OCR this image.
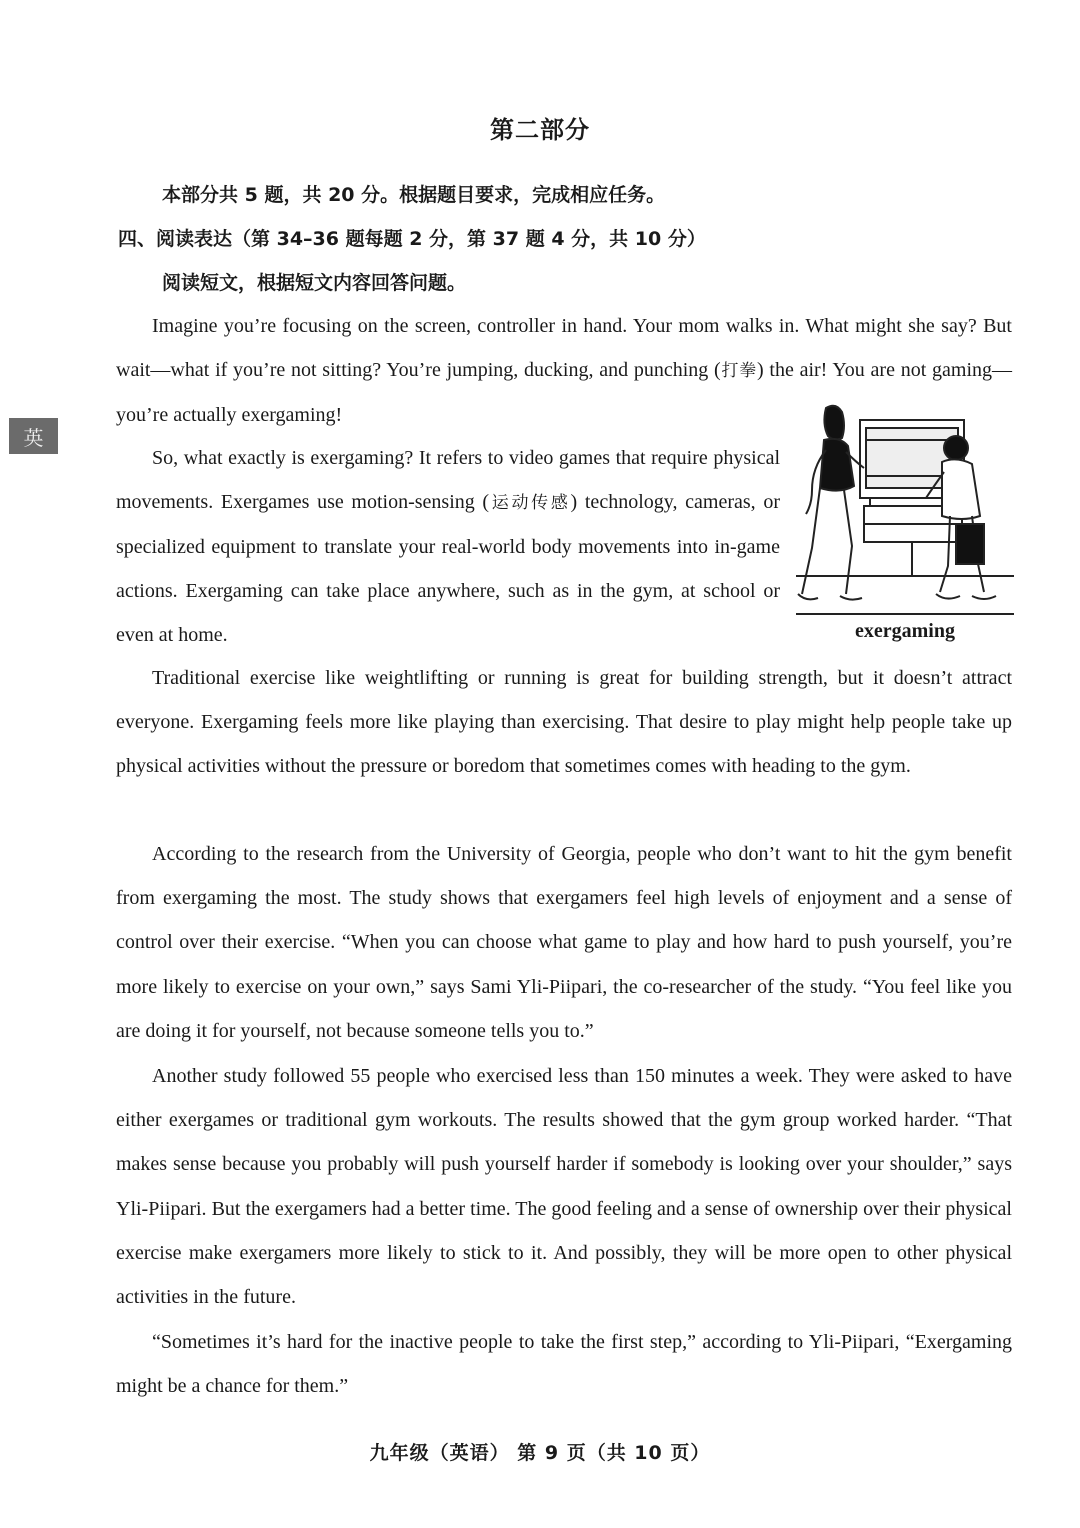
英
第二部分
本部分共 5 题，共 20 分。根据题目要求，完成相应任务。
四、阅读表达（第 34–36 题每题 2 分，第 37 题 4 分，共 10 分）
阅读短文，根据短文内容回答问题。

Imagine you’re focusing on the screen, controller in hand. Your mom walks in. What might she say? But wait—what if you’re not sitting? You’re jumping, ducking, and punching (打拳) the air! You are not gaming—you’re actually exergaming!

So, what exactly is exergaming? It refers to video games that require physical movements. Exergames use motion-sensing (运动传感) technology, cameras, or specialized equipment to translate your real-world body movements into in-game actions. Exergaming can take place anywhere, such as in the gym, at school or even at home.	exergaming

Traditional exercise like weightlifting or running is great for building strength, but it doesn’t attract everyone. Exergaming feels more like playing than exercising. That desire to play might help people take up physical activities without the pressure or boredom that sometimes comes with heading to the gym.

According to the research from the University of Georgia, people who don’t want to hit the gym benefit from exergaming the most. The study shows that exergamers feel high levels of enjoyment and a sense of control over their exercise. “When you can choose what game to play and how hard to push yourself, you’re more likely to exercise on your own,” says Sami Yli-Piipari, the co-researcher of the study. “You feel like you are doing it for yourself, not because someone tells you to.”

Another study followed 55 people who exercised less than 150 minutes a week. They were asked to have either exergames or traditional gym workouts. The results showed that the gym group worked harder. “That makes sense because you probably will push yourself harder if somebody is looking over your shoulder,” says Yli-Piipari. But the exergamers had a better time. The good feeling and a sense of ownership over their physical exercise make exergamers more likely to stick to it. And possibly, they will be more open to other physical activities in the future.

“Sometimes it’s hard for the inactive people to take the first step,” according to Yli-Piipari, “Exergaming might be a chance for them.”

九年级（英语） 第 9 页（共 10 页）
